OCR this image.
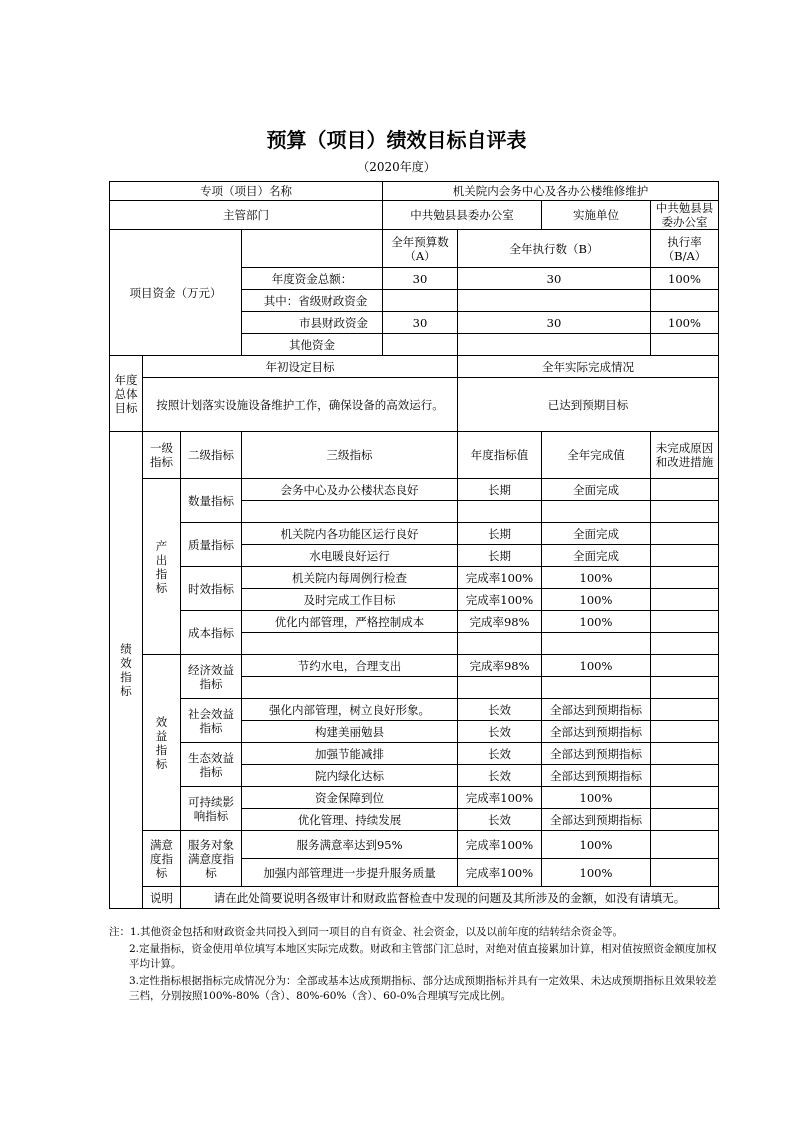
预算（项目）绩效目标自评表
（2020年度）
专项（项目）名称				机关院内会务中心及各办公楼维修维护			
主管部门				中共勉县县委办公室		实施单位	中共勉县县委办公室
项目资金（万元）				全年预算数（A）	全年执行数（B）		执行率（B/A）
			年度资金总额：	30	30		100%
			其中：省级财政资金				
			市县财政资金	30	30		100%
			其他资金				
年度总体目标	年初设定目标				全年实际完成情况		
	按照计划落实设施设备维护工作，确保设备的高效运行。				已达到预期目标		
绩效指标	一级指标	二级指标	三级指标		年度指标值	全年完成值	未完成原因和改进措施
	产出指标	数量指标	会务中心及办公楼状态良好		长期	全面完成	

		质量指标	机关院内各功能区运行良好		长期	全面完成	
			水电暖良好运行		长期	全面完成	
		时效指标	机关院内每周例行检查		完成率100%	100%	
			及时完成工作目标		完成率100%	100%	
		成本指标	优化内部管理，严格控制成本		完成率98%	100%	

	效益指标	经济效益指标	节约水电，合理支出		完成率98%	100%	

		社会效益指标	强化内部管理，树立良好形象。		长效	全部达到预期指标	
			构建美丽勉县		长效	全部达到预期指标	
		生态效益指标	加强节能减排		长效	全部达到预期指标	
			院内绿化达标		长效	全部达到预期指标	
		可持续影响指标	资金保障到位		完成率100%	100%	
			优化管理、持续发展		长效	全部达到预期指标	
	满意度指标	服务对象满意度指标	服务满意率达到95%		完成率100%	100%	
			加强内部管理进一步提升服务质量		完成率100%	100%	
	说明	请在此处简要说明各级审计和财政监督检查中发现的问题及其所涉及的金额，如没有请填无。					

注：1.其他资金包括和财政资金共同投入到同一项目的自有资金、社会资金，以及以前年度的结转结余资金等。

2.定量指标，资金使用单位填写本地区实际完成数。财政和主管部门汇总时，对绝对值直接累加计算，相对值按照资金额度加权平均计算。

3.定性指标根据指标完成情况分为：全部或基本达成预期指标、部分达成预期指标并具有一定效果、未达成预期指标且效果较差三档，分别按照100%-80%（含）、80%-60%（含）、60-0%合理填写完成比例。
